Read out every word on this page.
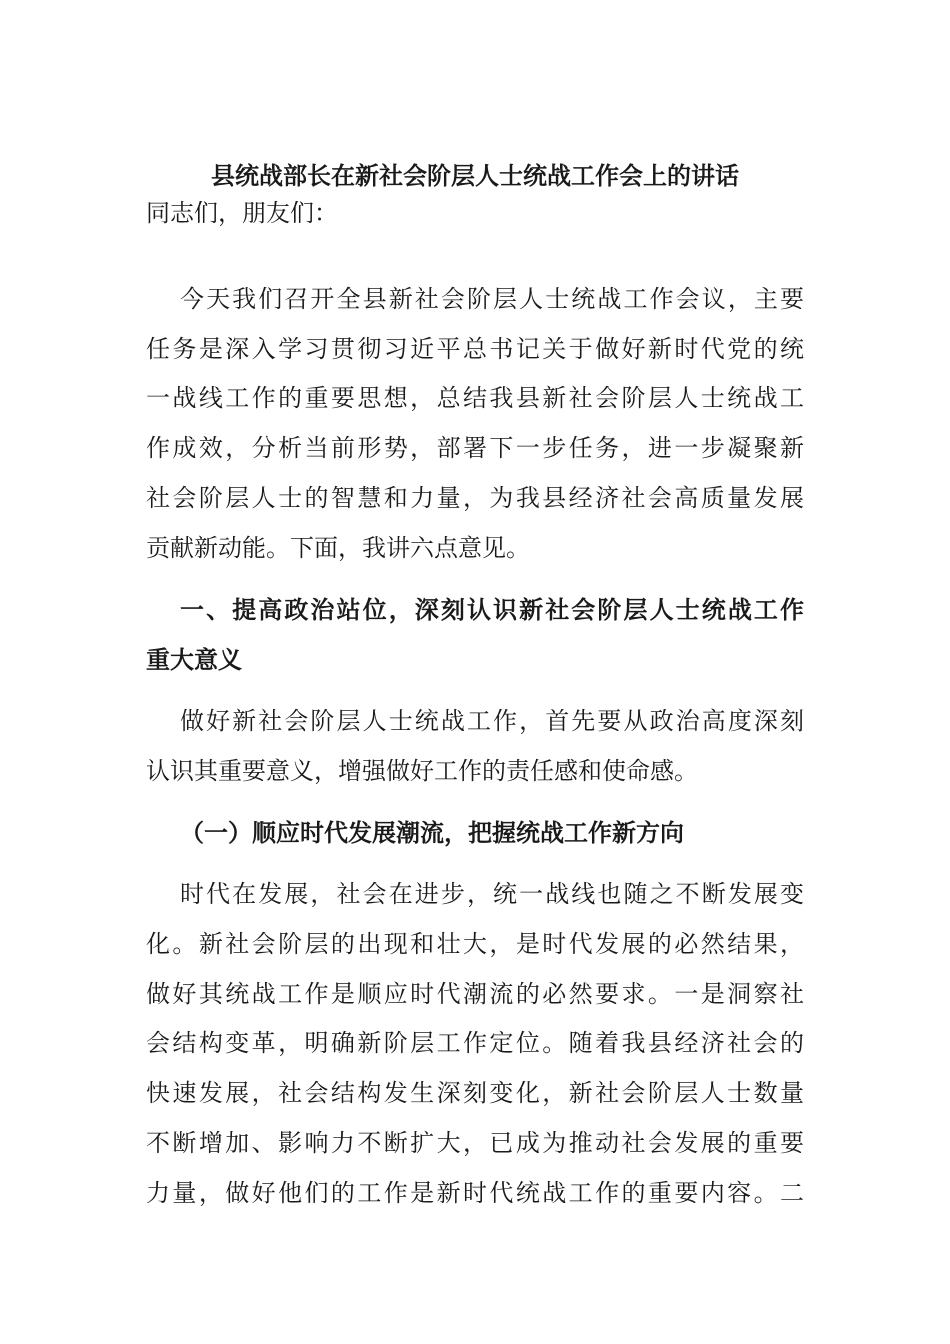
县统战部长在新社会阶层人士统战工作会上的讲话
同志们，朋友们：
今天我们召开全县新社会阶层人士统战工作会议，主要
任务是深入学习贯彻习近平总书记关于做好新时代党的统
一战线工作的重要思想，总结我县新社会阶层人士统战工
作成效，分析当前形势，部署下一步任务，进一步凝聚新
社会阶层人士的智慧和力量，为我县经济社会高质量发展
贡献新动能。下面，我讲六点意见。
一、提高政治站位，深刻认识新社会阶层人士统战工作
重大意义
做好新社会阶层人士统战工作，首先要从政治高度深刻
认识其重要意义，增强做好工作的责任感和使命感。
（一）顺应时代发展潮流，把握统战工作新方向
时代在发展，社会在进步，统一战线也随之不断发展变
化。新社会阶层的出现和壮大，是时代发展的必然结果，
做好其统战工作是顺应时代潮流的必然要求。一是洞察社
会结构变革，明确新阶层工作定位。随着我县经济社会的
快速发展，社会结构发生深刻变化，新社会阶层人士数量
不断增加、影响力不断扩大，已成为推动社会发展的重要
力量，做好他们的工作是新时代统战工作的重要内容。二
